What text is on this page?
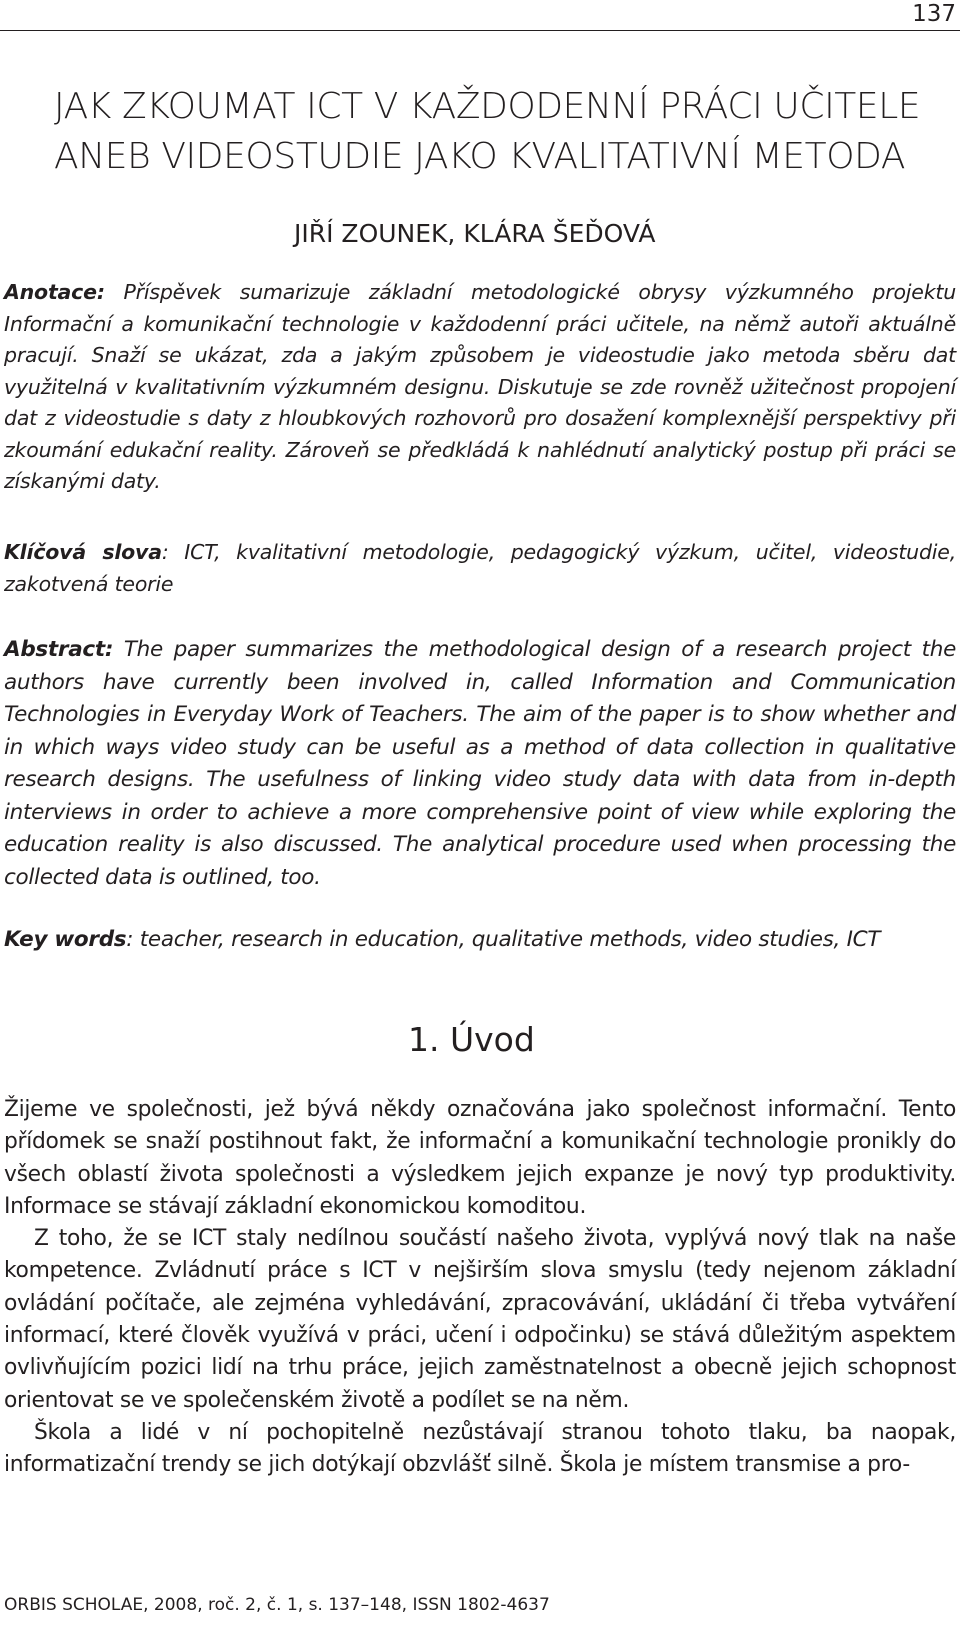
137
JAK ZKOUMAT ICT V KAŽDODENNÍ PRÁCI UČITELE
ANEB VIDEOSTUDIE JAKO KVALITATIVNÍ METODA
JIŘÍ ZOUNEK, KLÁRA ŠEĎOVÁ
Anotace: Příspěvek sumarizuje základní metodologické obrysy výzkumného projektu Informační a komunikační technologie v každodenní práci učitele, na němž autoři aktuálně pracují. Snaží se ukázat, zda a jakým způsobem je videostudie jako metoda sběru dat využitelná v kvalitativním výzkumném designu. Diskutuje se zde rovněž užitečnost propojení dat z videostudie s daty z hloubkových rozhovorů pro dosažení komplexnější perspektivy při zkoumání edukační reality. Zároveň se předkládá k nahlédnutí analytický postup při práci se získanými daty.
Klíčová slova: ICT, kvalitativní metodologie, pedagogický výzkum, učitel, videostudie, zakotvená teorie
Abstract: The paper summarizes the methodological design of a research project the authors have currently been involved in, called Information and Communication Technologies in Everyday Work of Teachers. The aim of the paper is to show whether and in which ways video study can be useful as a method of data collection in qualitative research designs. The usefulness of linking video study data with data from in-depth interviews in order to achieve a more comprehensive point of view while exploring the education reality is also discussed. The analytical procedure used when processing the collected data is outlined, too.
Key words: teacher, research in education, qualitative methods, video studies, ICT
1. Úvod

Žijeme ve společnosti, jež bývá někdy označována jako společnost informační. Tento přídomek se snaží postihnout fakt, že informační a komunikační technologie pronikly do všech oblastí života společnosti a výsledkem jejich expanze je nový typ produktivity. Informace se stávají základní ekonomickou komoditou.

Z toho, že se ICT staly nedílnou součástí našeho života, vyplývá nový tlak na naše kompetence. Zvládnutí práce s ICT v nejširším slova smyslu (tedy nejenom základní ovládání počítače, ale zejména vyhledávání, zpracovávání, ukládání či třeba vytváření informací, které člověk využívá v práci, učení i odpočinku) se stává důležitým aspektem ovlivňujícím pozici lidí na trhu práce, jejich zaměstnatelnost a obecně jejich schopnost orientovat se ve společenském životě a podílet se na něm.

Škola a lidé v ní pochopitelně nezůstávají stranou tohoto tlaku, ba naopak, informatizační trendy se jich dotýkají obzvlášť silně. Škola je místem transmise a pro-

ORBIS SCHOLAE, 2008, roč. 2, č. 1, s. 137–148, ISSN 1802-4637
